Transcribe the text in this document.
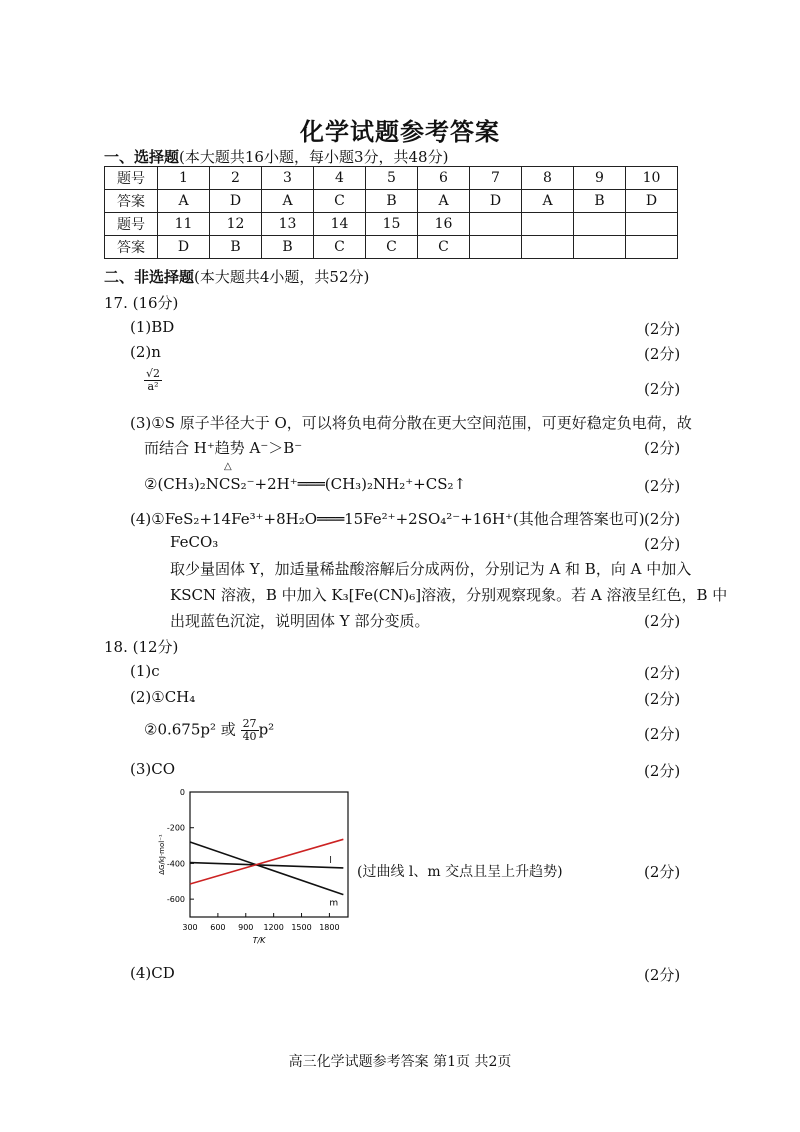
化学试题参考答案
一、选择题(本大题共16小题，每小题3分，共48分)
题号	1	2	3	4	5	6	7	8	9	10
答案	A	D	A	C	B	A	D	A	B	D
题号	11	12	13	14	15	16				
答案	D	B	B	C	C	C				
二、非选择题(本大题共4小题，共52分)
17. (16分)
(1)BD	(2分)
(2)n	(2分)
$\frac{√2}{\text{a²}}$	(2分)
(3)①S 原子半径大于 O，可以将负电荷分散在更大空间范围，可更好稳定负电荷，故
而结合 H⁺趋势 A⁻＞B⁻	(2分)
△
②(CH₃)₂NCS₂⁻+2H⁺═══(CH₃)₂NH₂⁺+CS₂↑	(2分)
(4)①FeS₂+14Fe³⁺+8H₂O═══15Fe²⁺+2SO₄²⁻+16H⁺(其他合理答案也可) (2分)
FeCO₃	(2分)
取少量固体 Y，加适量稀盐酸溶解后分成两份，分别记为 A 和 B，向 A 中加入
KSCN 溶液，B 中加入 K₃[Fe(CN)₆]溶液，分别观察现象。若 A 溶液呈红色，B 中
出现蓝色沉淀，说明固体 Y 部分变质。	(2分)
18. (12分)
(1)c	(2分)
(2)①CH₄	(2分)
②0.675p² 或 $\frac{27}{40} p^2$	(2分)
(3)CO	(2分)
0
-200
-400
-600
300 600 900 1200 1500 1800
T/K
ΔG/kJ·mol⁻¹	l
m
(过曲线 l、m 交点且呈上升趋势)	(2分)
(4)CD	(2分)
高三化学试题参考答案 第1页 共2页
